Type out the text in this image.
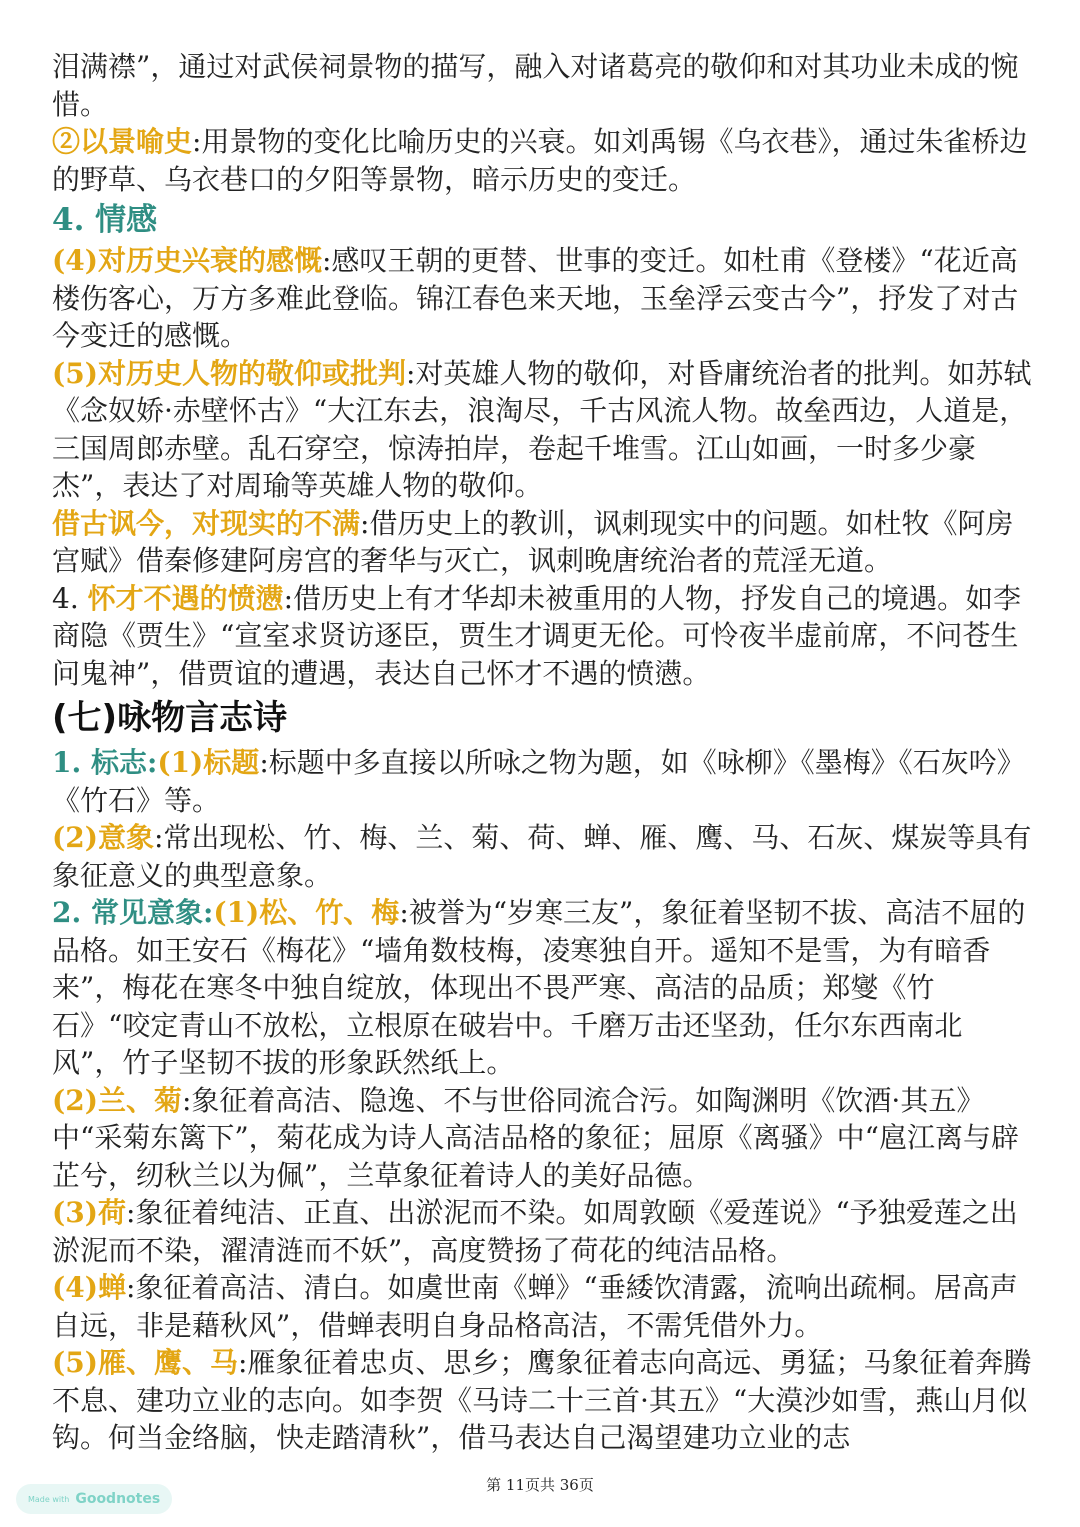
泪满襟”，通过对武侯祠景物的描写，融入对诸葛亮的敬仰和对其功业未成的惋惜。

②以景喻史:用景物的变化比喻历史的兴衰。如刘禹锡《乌衣巷》，通过朱雀桥边的野草、乌衣巷口的夕阳等景物，暗示历史的变迁。

4. 情感

(4)对历史兴衰的感慨:感叹王朝的更替、世事的变迁。如杜甫《登楼》“花近高楼伤客心，万方多难此登临。锦江春色来天地，玉垒浮云变古今”，抒发了对古今变迁的感慨。

(5)对历史人物的敬仰或批判:对英雄人物的敬仰，对昏庸统治者的批判。如苏轼《念奴娇·赤壁怀古》“大江东去，浪淘尽，千古风流人物。故垒西边，人道是，三国周郎赤壁。乱石穿空，惊涛拍岸，卷起千堆雪。江山如画，一时多少豪杰”，表达了对周瑜等英雄人物的敬仰。

借古讽今，对现实的不满:借历史上的教训，讽刺现实中的问题。如杜牧《阿房宫赋》借秦修建阿房宫的奢华与灭亡，讽刺晚唐统治者的荒淫无道。

4. 怀才不遇的愤懑:借历史上有才华却未被重用的人物，抒发自己的境遇。如李商隐《贾生》“宣室求贤访逐臣，贾生才调更无伦。可怜夜半虚前席，不问苍生问鬼神”，借贾谊的遭遇，表达自己怀才不遇的愤懑。

(七)咏物言志诗

1. 标志:(1)标题:标题中多直接以所咏之物为题，如《咏柳》《墨梅》《石灰吟》《竹石》等。

(2)意象:常出现松、竹、梅、兰、菊、荷、蝉、雁、鹰、马、石灰、煤炭等具有象征意义的典型意象。

2. 常见意象:(1)松、竹、梅:被誉为“岁寒三友”，象征着坚韧不拔、高洁不屈的品格。如王安石《梅花》“墙角数枝梅，凌寒独自开。遥知不是雪，为有暗香来”，梅花在寒冬中独自绽放，体现出不畏严寒、高洁的品质；郑燮《竹石》“咬定青山不放松，立根原在破岩中。千磨万击还坚劲，任尔东西南北风”，竹子坚韧不拔的形象跃然纸上。

(2)兰、菊:象征着高洁、隐逸、不与世俗同流合污。如陶渊明《饮酒·其五》中“采菊东篱下”，菊花成为诗人高洁品格的象征；屈原《离骚》中“扈江离与辟芷兮，纫秋兰以为佩”，兰草象征着诗人的美好品德。

(3)荷:象征着纯洁、正直、出淤泥而不染。如周敦颐《爱莲说》“予独爱莲之出淤泥而不染，濯清涟而不妖”，高度赞扬了荷花的纯洁品格。

(4)蝉:象征着高洁、清白。如虞世南《蝉》“垂緌饮清露，流响出疏桐。居高声自远，非是藉秋风”，借蝉表明自身品格高洁，不需凭借外力。

(5)雁、鹰、马:雁象征着忠贞、思乡；鹰象征着志向高远、勇猛；马象征着奔腾不息、建功立业的志向。如李贺《马诗二十三首·其五》“大漠沙如雪，燕山月似钩。何当金络脑，快走踏清秋”，借马表达自己渴望建功立业的志

第 11页共 36页
Made with Goodnotes
